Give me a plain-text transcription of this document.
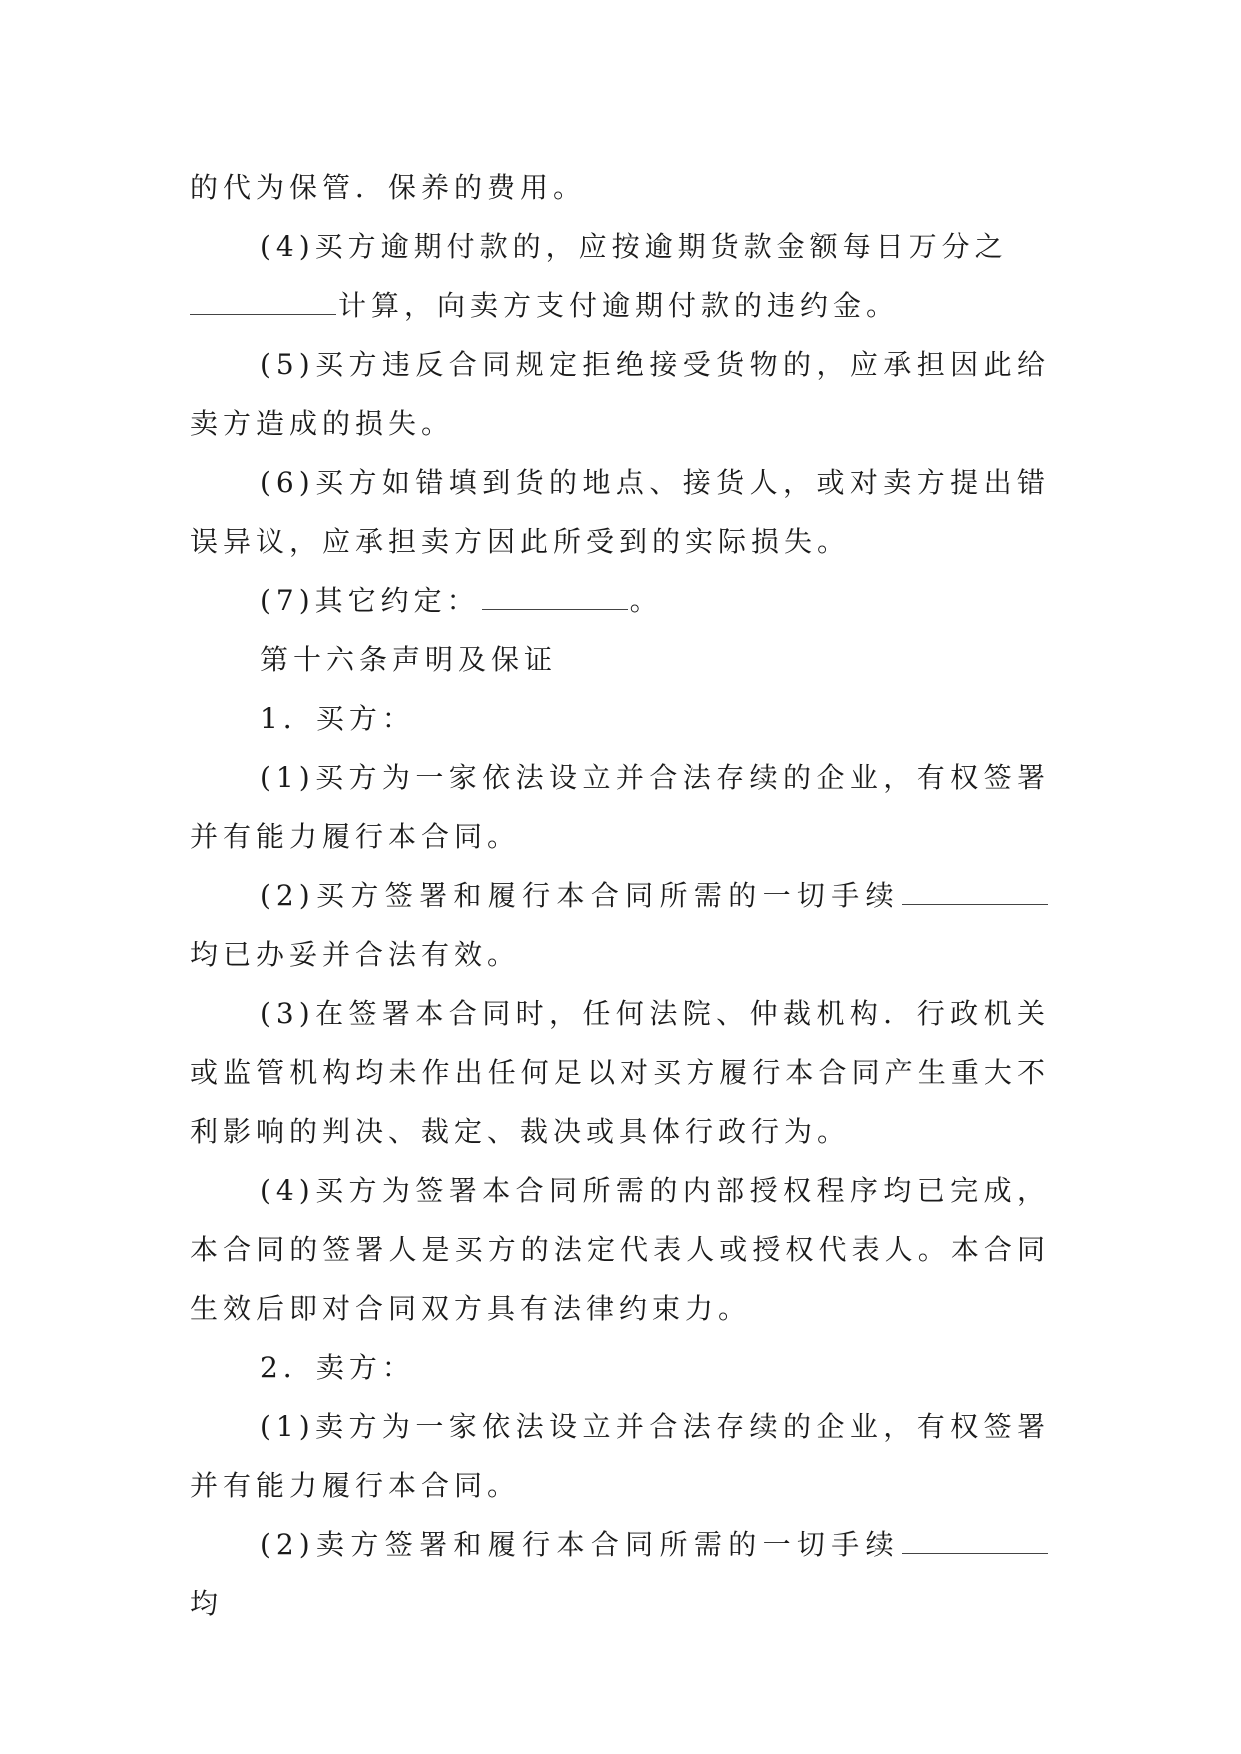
的代为保管．保养的费用。

(4)买方逾期付款的，应按逾期货款金额每日万分之

计算，向卖方支付逾期付款的违约金。

(5)买方违反合同规定拒绝接受货物的，应承担因此给卖方造成的损失。

(6)买方如错填到货的地点、接货人，或对卖方提出错误异议，应承担卖方因此所受到的实际损失。

(7)其它约定：	。

第十六条声明及保证

1．买方：

(1)买方为一家依法设立并合法存续的企业，有权签署并有能力履行本合同。

(2)买方签署和履行本合同所需的一切手续均已办妥并合法有效。

(3)在签署本合同时，任何法院、仲裁机构．行政机关或监管机构均未作出任何足以对买方履行本合同产生重大不利影响的判决、裁定、裁决或具体行政行为。

(4)买方为签署本合同所需的内部授权程序均已完成，本合同的签署人是买方的法定代表人或授权代表人。本合同生效后即对合同双方具有法律约束力。

2．卖方：

(1)卖方为一家依法设立并合法存续的企业，有权签署并有能力履行本合同。

(2)卖方签署和履行本合同所需的一切手续均
